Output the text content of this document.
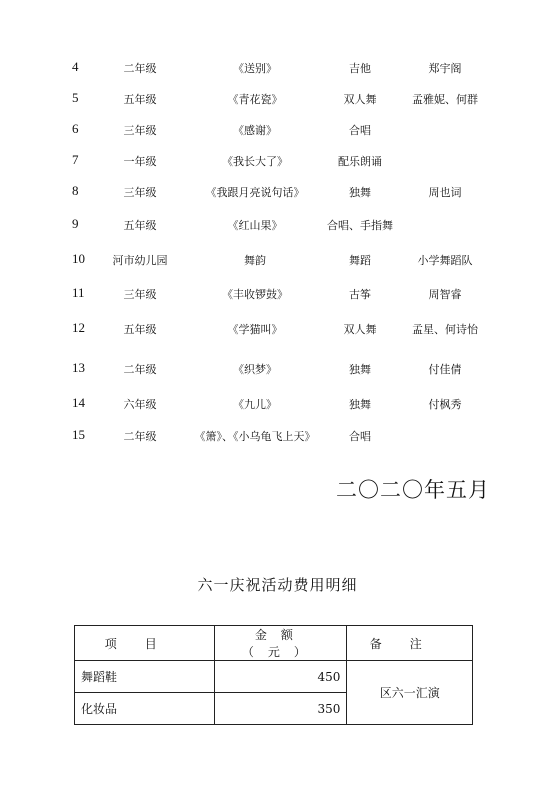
4	二年级	《送别》	吉他	郑宇阁
5	五年级	《青花瓷》	双人舞	孟雅妮、何群
6	三年级	《感谢》	合唱
7	一年级	《我长大了》	配乐朗诵
8	三年级	《我跟月亮说句话》	独舞	周也词
9	五年级	《红山果》	合唱、手指舞
10	河市幼儿园	舞韵	舞蹈	小学舞蹈队
11	三年级	《丰收锣鼓》	古筝	周智睿
12	五年级	《学猫叫》	双人舞	孟星、何诗怡
13	二年级	《织梦》	独舞	付佳倩
14	六年级	《九儿》	独舞	付枫秀
15	二年级	《箫》、《小乌龟飞上天》	合唱
二〇二〇年五月
六一庆祝活动费用明细
项目	金额（元）	备注
舞蹈鞋	450	区六一汇演
化妆品	350	
